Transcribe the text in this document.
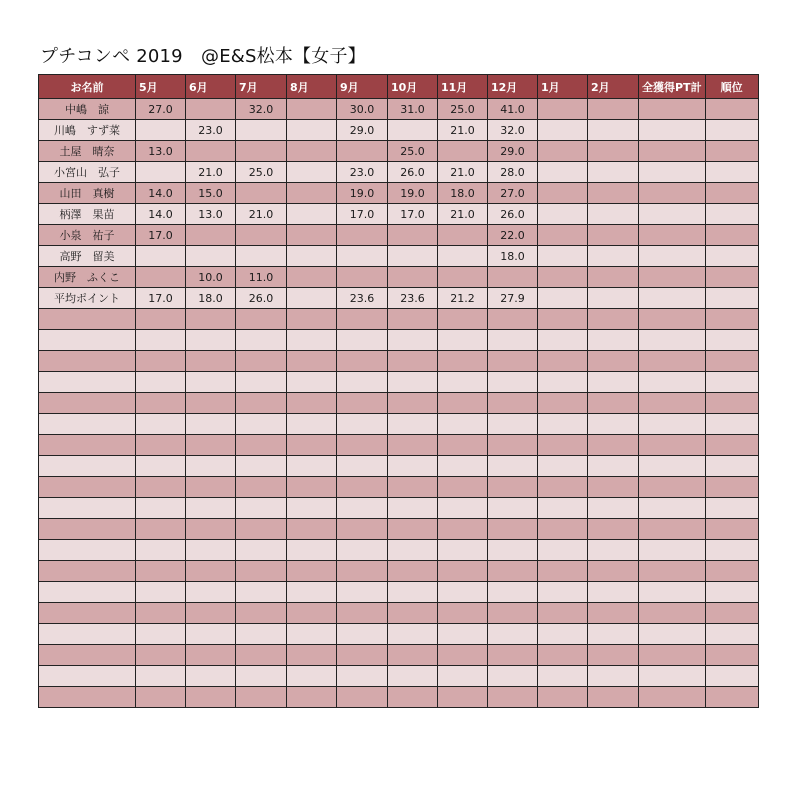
プチコンペ 2019　@E&S松本【女子】
お名前	5月	6月	7月	8月	9月	10月	11月	12月	1月	2月	全獲得PT計	順位
中嶋　諒	27.0		32.0		30.0	31.0	25.0	41.0				
川嶋　すず菜		23.0			29.0		21.0	32.0				
土屋　晴奈	13.0					25.0		29.0				
小宮山　弘子		21.0	25.0		23.0	26.0	21.0	28.0				
山田　真樹	14.0	15.0			19.0	19.0	18.0	27.0				
柄澤　果苗	14.0	13.0	21.0		17.0	17.0	21.0	26.0				
小泉　祐子	17.0							22.0				
高野　留美								18.0				
内野　ふくこ		10.0	11.0									
平均ポイント	17.0	18.0	26.0		23.6	23.6	21.2	27.9				
